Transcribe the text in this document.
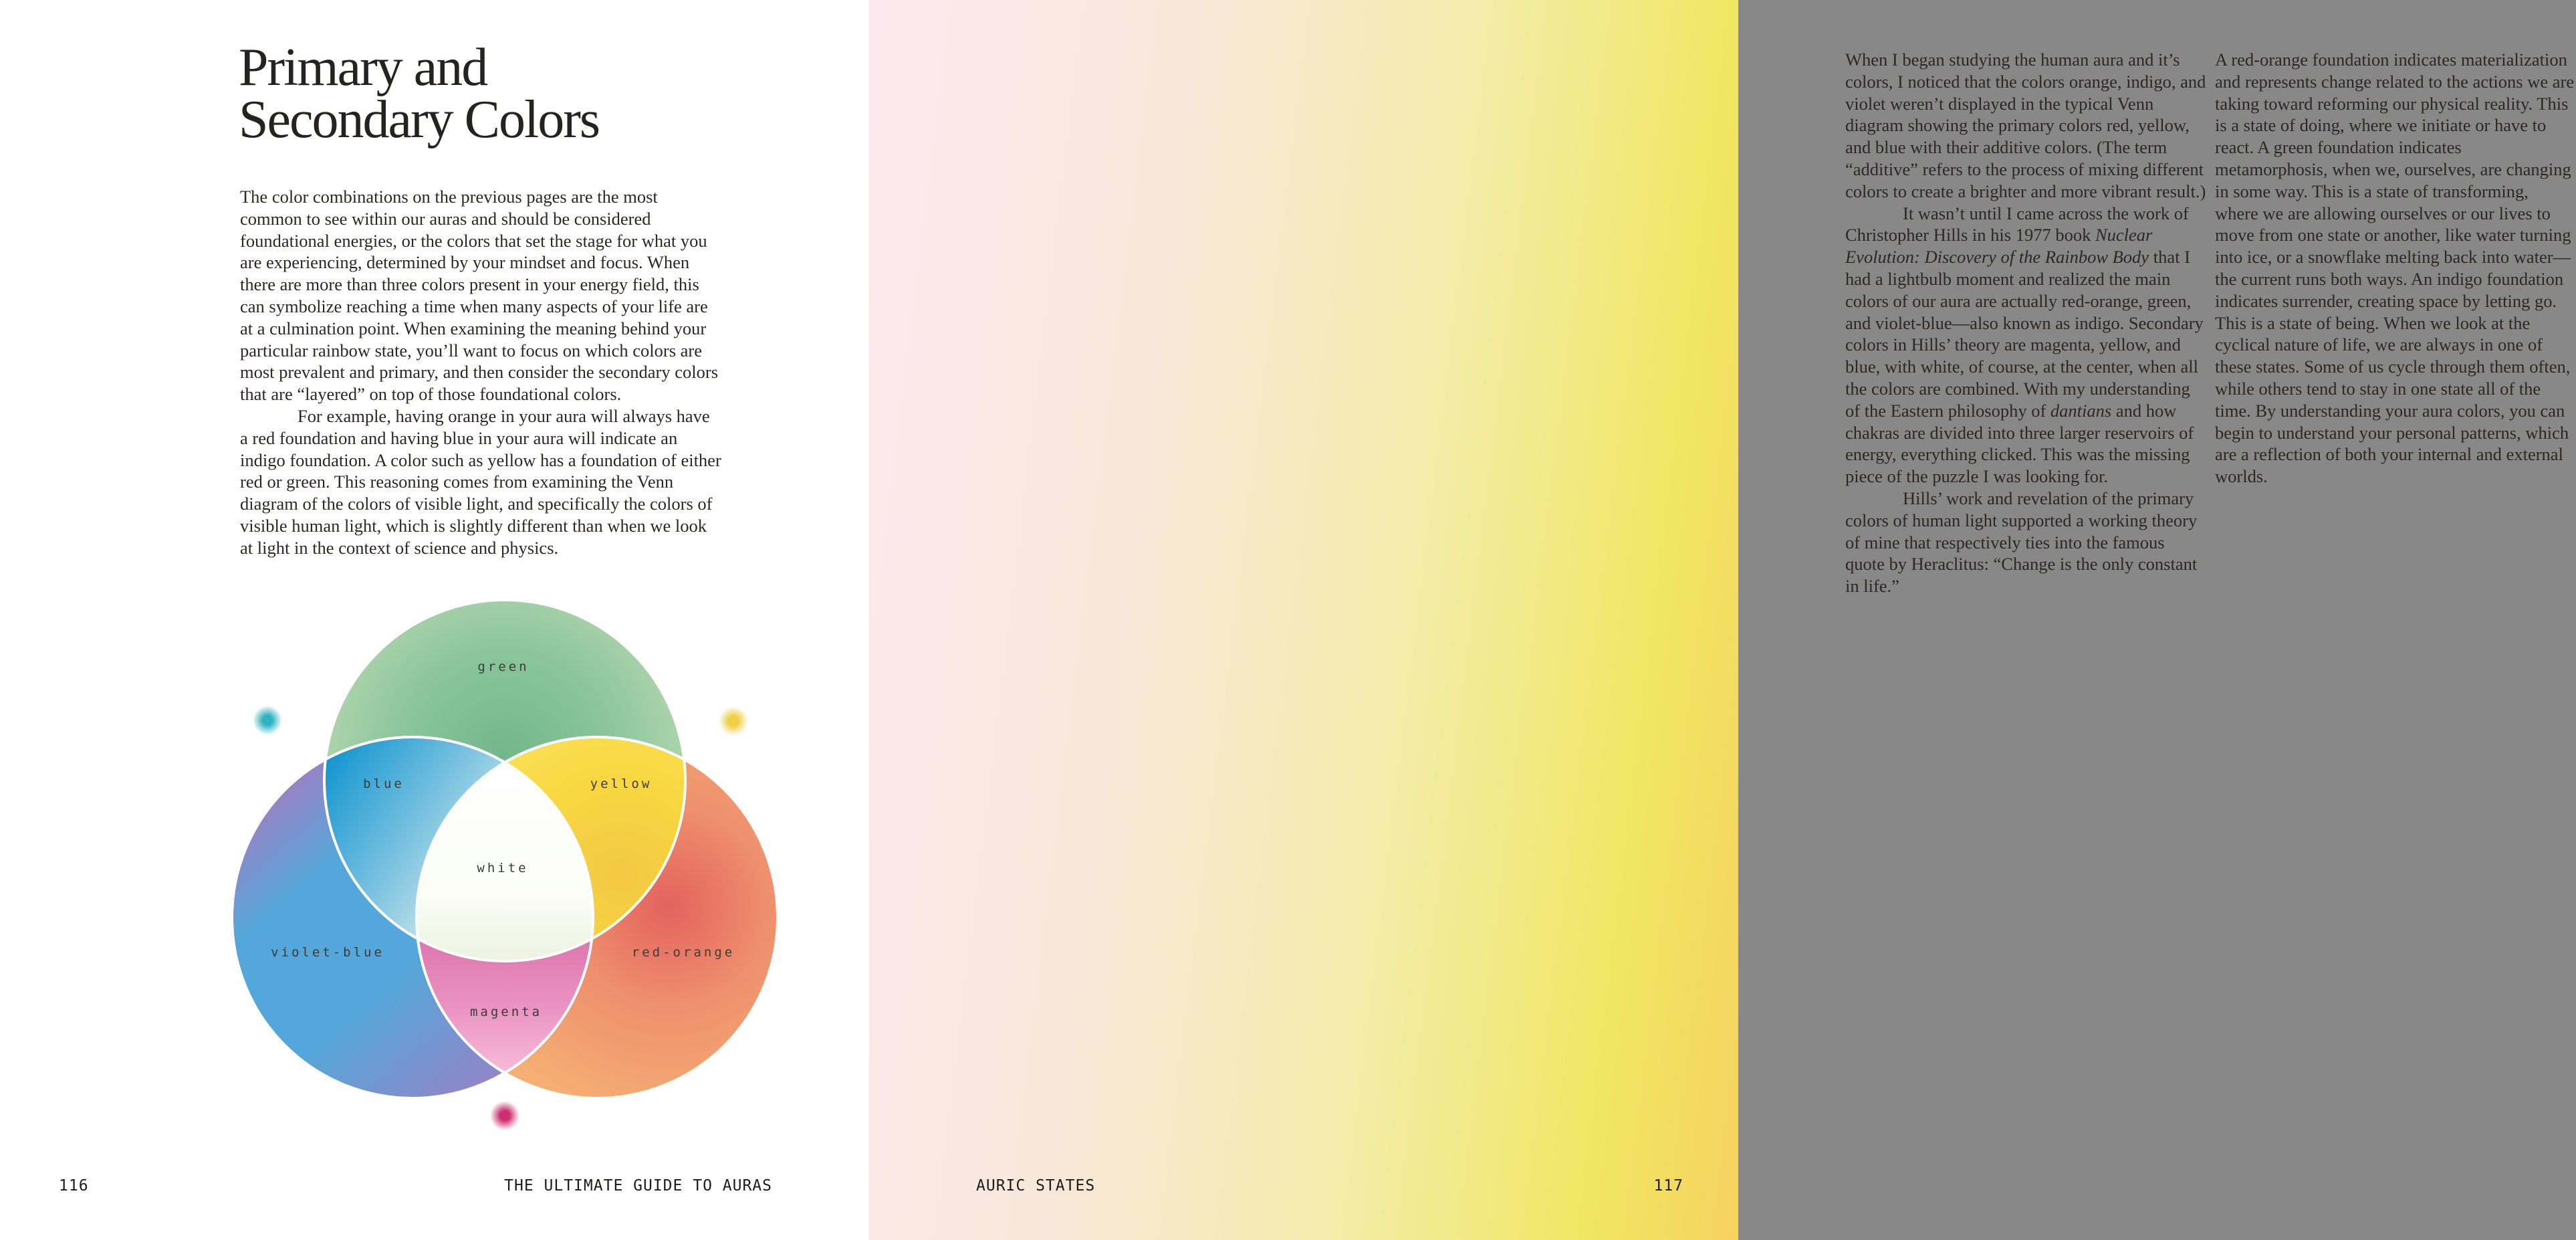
Primary and
Secondary Colors

The color combinations on the previous pages are the most common to see within our auras and should be considered foundational energies, or the colors that set the stage for what you are experiencing, determined by your mindset and focus. When there are more than three colors present in your energy field, this can symbolize reaching a time when many aspects of your life are at a culmination point. When examining the meaning behind your particular rainbow state, you’ll want to focus on which colors are most prevalent and primary, and then consider the secondary colors that are “layered” on top of those foundational colors.

For example, having orange in your aura will always have a red foundation and having blue in your aura will indicate an indigo foundation. A color such as yellow has a foundation of either red or green. This reasoning comes from examining the Venn diagram of the colors of visible light, and specifically the colors of visible human light, which is slightly different than when we look at light in the context of science and physics.

green
blue	yellow
white
violet-blue	red-orange
magenta

When I began studying the human aura and it’s colors, I noticed that the colors orange, indigo, and violet weren’t displayed in the typical Venn diagram showing the primary colors red, yellow, and blue with their additive colors. (The term “additive” refers to the process of mixing different colors to create a brighter and more vibrant result.)

It wasn’t until I came across the work of Christopher Hills in his 1977 book Nuclear Evolution: Discovery of the Rainbow Body that I had a lightbulb moment and realized the main colors of our aura are actually red-orange, green, and violet-blue—also known as indigo. Secondary colors in Hills’ theory are magenta, yellow, and blue, with white, of course, at the center, when all the colors are combined. With my understanding of the Eastern philosophy of dantians and how chakras are divided into three larger reservoirs of energy, everything clicked. This was the missing piece of the puzzle I was looking for.

Hills’ work and revelation of the primary colors of human light supported a working theory of mine that respectively ties into the famous quote by Heraclitus: “Change is the only constant in life.”

A red-orange foundation indicates materialization and represents change related to the actions we are taking toward reforming our physical reality. This is a state of doing, where we initiate or have to react. A green foundation indicates metamorphosis, when we, ourselves, are changing in some way. This is a state of transforming, where we are allowing ourselves or our lives to move from one state or another, like water turning into ice, or a snowflake melting back into water—the current runs both ways. An indigo foundation indicates surrender, creating space by letting go. This is a state of being. When we look at the cyclical nature of life, we are always in one of these states. Some of us cycle through them often, while others tend to stay in one state all of the time. By understanding your aura colors, you can begin to understand your personal patterns, which are a reflection of both your internal and external worlds.

116	THE ULTIMATE GUIDE TO AURAS	AURIC STATES	117
